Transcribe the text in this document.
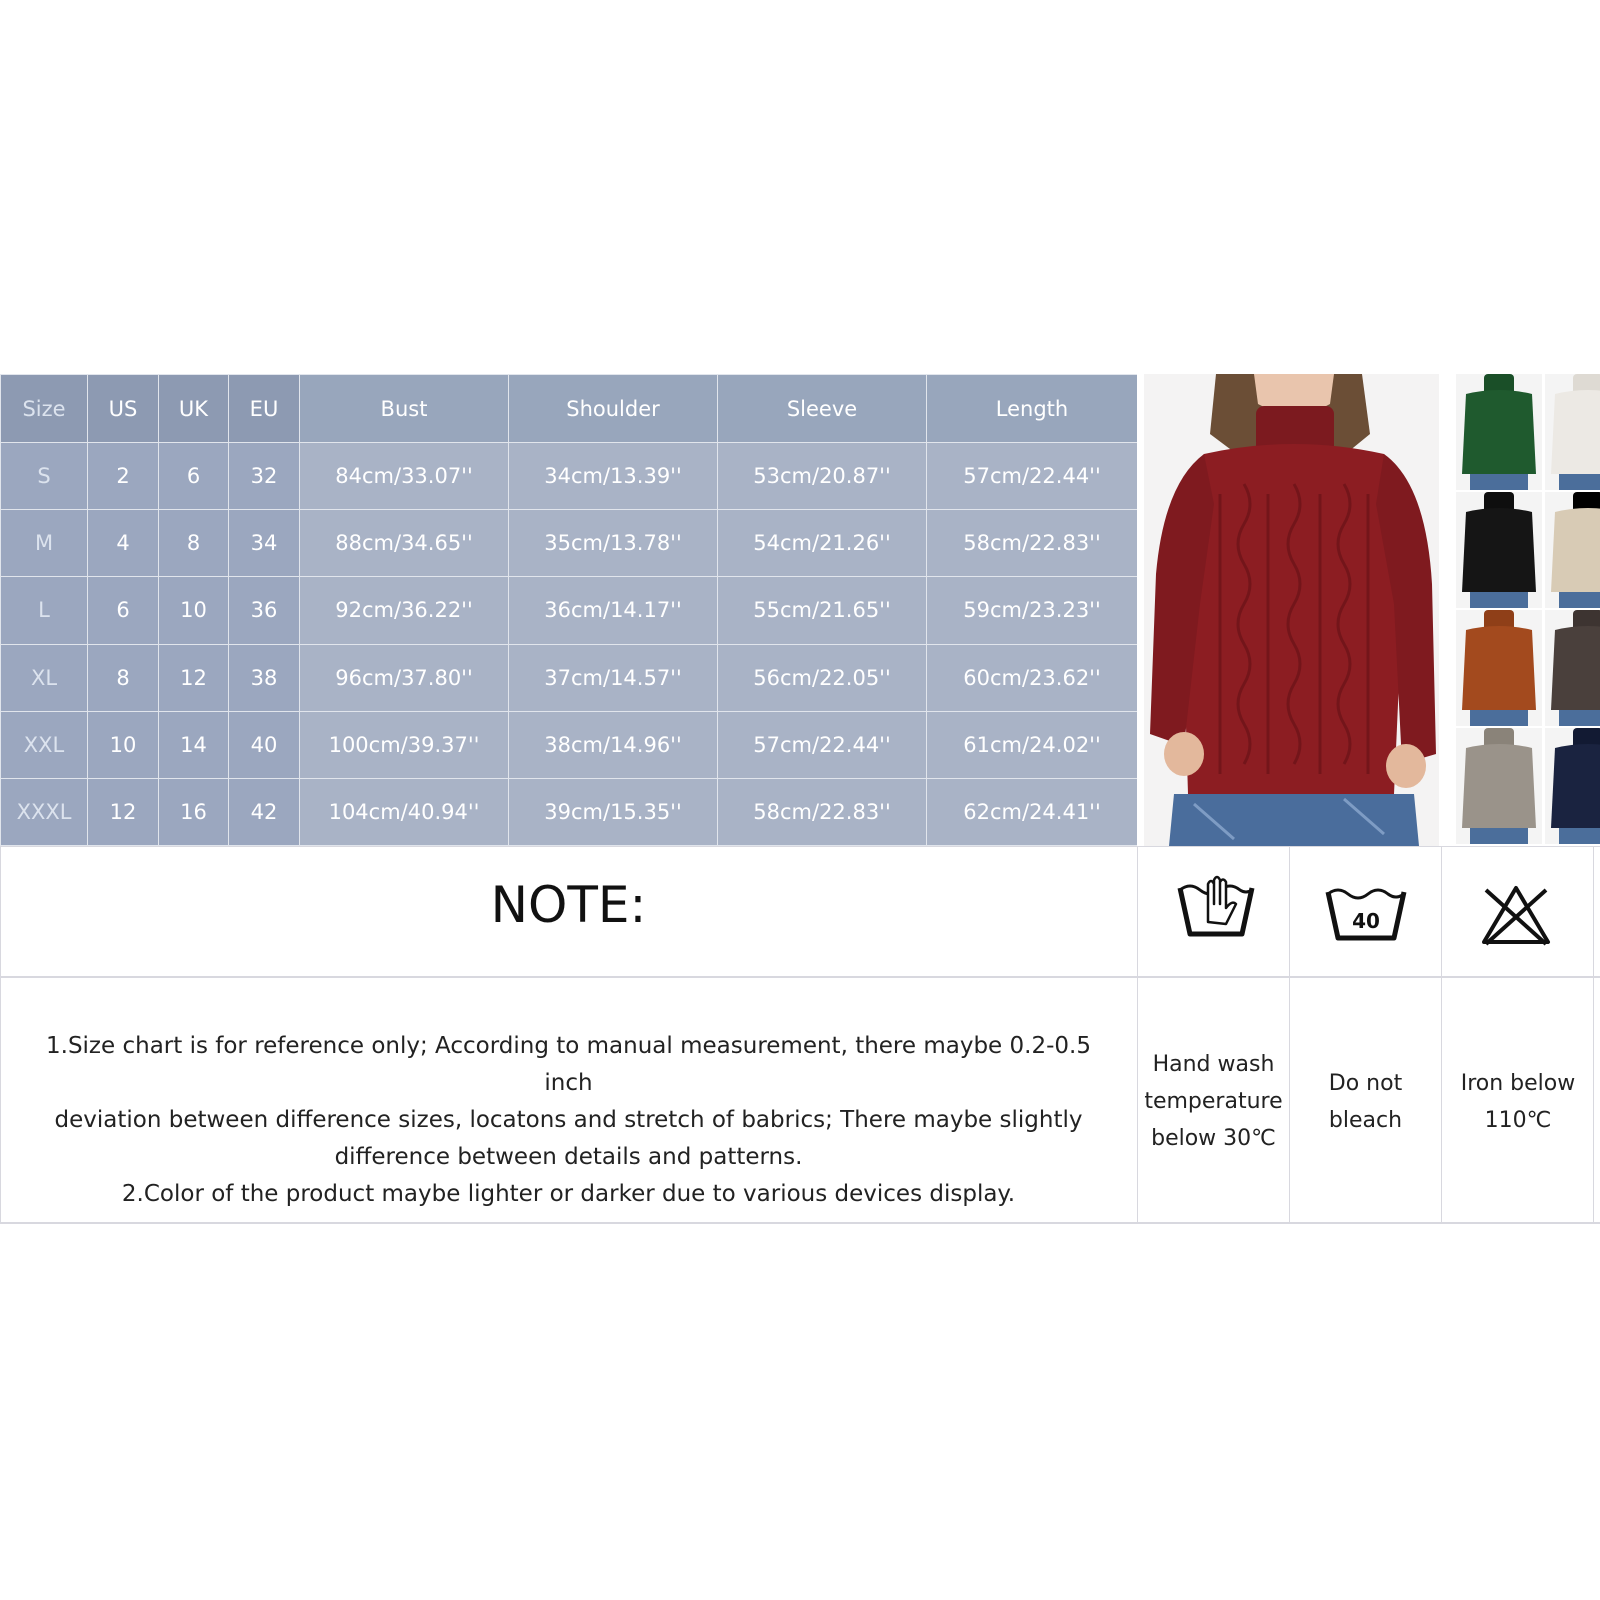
Size	US	UK	EU	Bust	Shoulder	Sleeve	Length
S	2	6	32	84cm/33.07''	34cm/13.39''	53cm/20.87''	57cm/22.44''
M	4	8	34	88cm/34.65''	35cm/13.78''	54cm/21.26''	58cm/22.83''
L	6	10	36	92cm/36.22''	36cm/14.17''	55cm/21.65''	59cm/23.23''
XL	8	12	38	96cm/37.80''	37cm/14.57''	56cm/22.05''	60cm/23.62''
XXL	10	14	40	100cm/39.37''	38cm/14.96''	57cm/22.44''	61cm/24.02''
XXXL	12	16	42	104cm/40.94''	39cm/15.35''	58cm/22.83''	62cm/24.41''
NOTE:
1.Size chart is for reference only; According to manual measurement, there maybe 0.2-0.5 inch
deviation between difference sizes, locatons and stretch of babrics; There maybe slightly
difference between details and patterns.
2.Color of the product maybe lighter or darker due to various devices display.
40
Hand wash
temperature
below 30℃
Do not
bleach
Iron below
110℃
